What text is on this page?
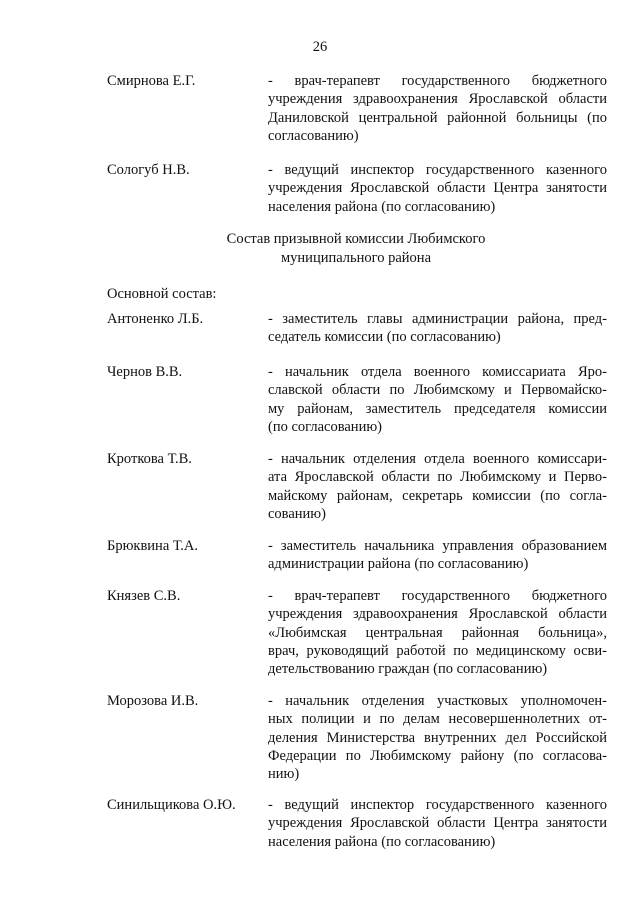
26
Смирнова Е.Г.	- врач-терапевт государственного бюджетного
учреждения здравоохранения Ярославской области
Даниловской центральной районной больницы (по
согласованию)
Сологуб Н.В.	- ведущий инспектор государственного казенного
учреждения Ярославской области Центра занятости
населения района (по согласованию)
Состав призывной комиссии Любимского
муниципального района
Основной состав:
Антоненко Л.Б.	- заместитель главы администрации района, пред-
седатель комиссии (по согласованию)
Чернов В.В.	- начальник отдела военного комиссариата Яро-
славской области по Любимскому и Первомайско-
му районам, заместитель председателя комиссии
(по согласованию)
Кроткова Т.В.	- начальник отделения отдела военного комиссари-
ата Ярославской области по Любимскому и Перво-
майскому районам, секретарь комиссии (по согла-
сованию)
Брюквина Т.А.	- заместитель начальника управления образованием
администрации района (по согласованию)
Князев С.В.	- врач-терапевт государственного бюджетного
учреждения здравоохранения Ярославской области
«Любимская центральная районная больница»,
врач, руководящий работой по медицинскому осви-
детельствованию граждан (по согласованию)
Морозова И.В.	- начальник отделения участковых уполномочен-
ных полиции и по делам несовершеннолетних от-
деления Министерства внутренних дел Российской
Федерации по Любимскому району (по согласова-
нию)
Синильщикова О.Ю. - ведущий инспектор государственного казенного
учреждения Ярославской области Центра занятости
населения района (по согласованию)
